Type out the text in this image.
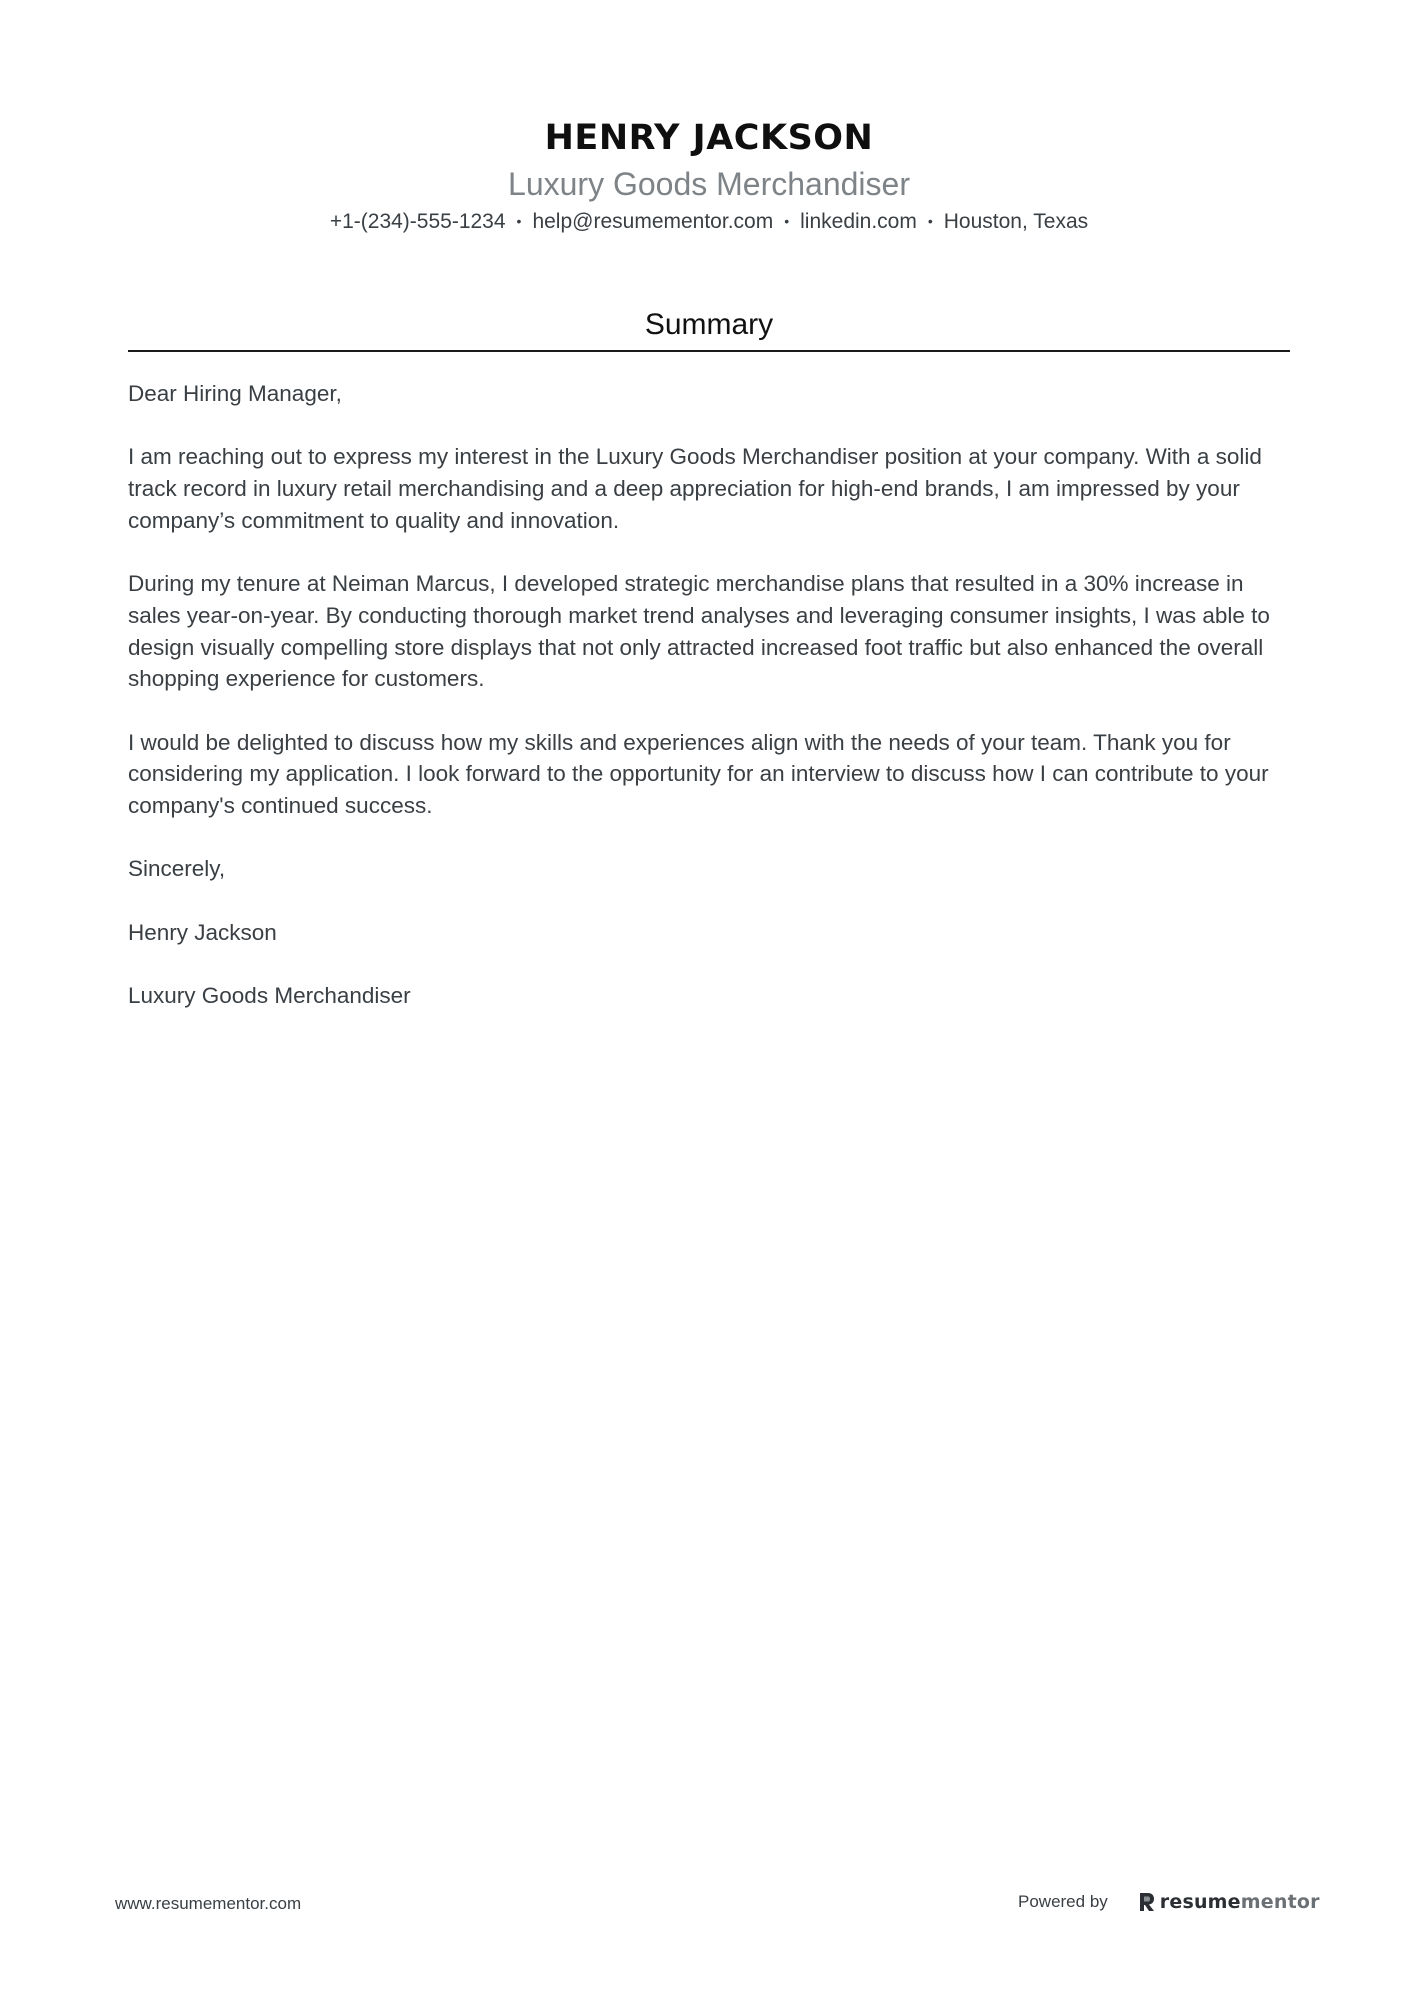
HENRY JACKSON
Luxury Goods Merchandiser
+1-(234)-555-1234 • help@resumementor.com • linkedin.com • Houston, Texas
Summary

Dear Hiring Manager,

I am reaching out to express my interest in the Luxury Goods Merchandiser position at your company. With a solid track record in luxury retail merchandising and a deep appreciation for high-end brands, I am impressed by your company’s commitment to quality and innovation.

During my tenure at Neiman Marcus, I developed strategic merchandise plans that resulted in a 30% increase in sales year-on-year. By conducting thorough market trend analyses and leveraging consumer insights, I was able to design visually compelling store displays that not only attracted increased foot traffic but also enhanced the overall shopping experience for customers.

I would be delighted to discuss how my skills and experiences align with the needs of your team. Thank you for considering my application. I look forward to the opportunity for an interview to discuss how I can contribute to your company's continued success.

Sincerely,

Henry Jackson

Luxury Goods Merchandiser

www.resumementor.com	Powered by	resumementor
